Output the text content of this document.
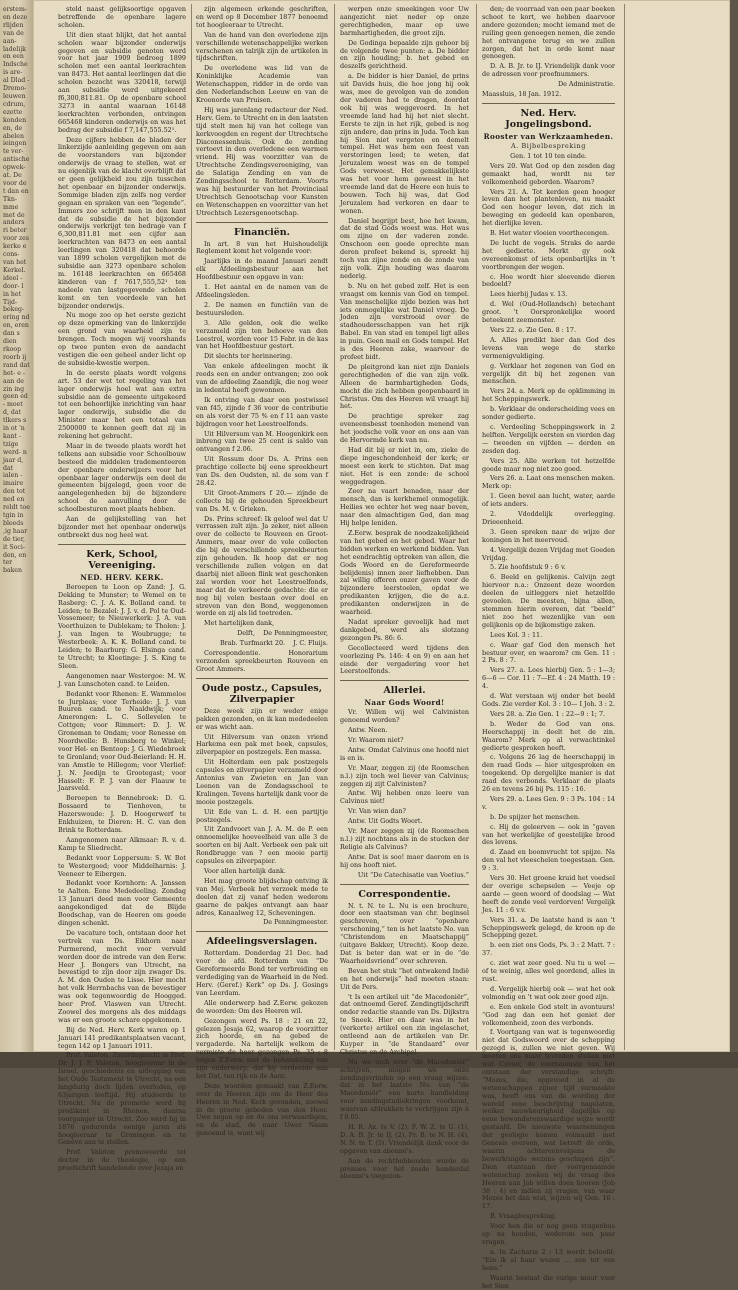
erstem- en deze rlijden van de aan- ladelijk en een Indsche is are- al Dlad -Dremo- leuwen cdrum, ezette konden en, de abelen ieingen te ver- antische opwek- at. De voor de t dan en Tkn- mme met de anders ri beter voor zes kerke e cons- van het Kerkel. ideel - door- l in het Tijd- bekeg- ering nd en, eren dan s dien rkoop roorb ij rand dat het- e - aan de zin ing geen ed - moet d, dat tlkers s in ot 'n kant - tzige werd- n jaar d, dat ialen - imaire den tot ned en reldt toe tgin in bleeds ,ig haar de tier, it Soci- den, en ter baken

steld naast gelijksoortige opgaven betreffende de openbare lagere scholen.

Uit dien staat blijkt, dat het aantal scholen waar bijzonder onderwijs gegeven en subsidie genoten werd voor het jaar 1909 bedroeg 1899 scholen met een aantal leerkrachten van 8473. Het aantal leerlingen dat die scholen bezocht was 320418, terwijl aan subsidie werd uitgekeerd f6,300,811.81. Op de openbare school 3273 in aantal waaraan 16148 leerkrachten verbonden, ontvingen 665468 kinderen onderwijs en was het bedrag der subsidie f 7,147,555.52¹.

Deze cijfers hebben de bladen der linkerzijde aanleiding gegeven om aan de voorstanders van bijzonder onderwijs de vraag te stellen, wat er nu eigenlijk van de klacht overblijft dat er geen gelijkheid zou zijn tusschen het openbaar en bijzonder onderwijs. Sommige bladen zijn zelfs nog verder gegaan en spraken van een “legende”. Immers zoo schrijft men in den kant dat de subsidie de het bijzonder onderwijs verkrijgt ten bedrage van f 6,300,811.81 met een cijfer aan leerkrachten van 8473 en een aantal leerlingen van 320418 dat behoorde van 1899 scholen vergelijken met de subsidie aan 3273 openbare scholen m. 16148 leerkrachten en 665468 kinderen van f 7617,555,52¹ ten nadeele van lastgegevende scholen komt en ten voordeele van het bijzonder onderwijs.

Nu moge zoo op het eerste gezicht op deze opmerking van de linkerzijde een grond van waarheid zijn te brengen. Toch mogen wij voorshands op twee punten even de aandacht vestigen die een geheel ander licht op de subsidie-kwestie werpen.

In de eerste plaats wordt volgens art. 53 der wet tot regeling van het lager onderwijs hoel wat aan extra subsidie aan de gemeente uitgekeerd tot een behoorlijke inrichting van haar lager onderwijs, subsidie die de Minister maar het een totaal van 2500000 te kennen geeft dat zij in rekening het gebracht.

Maar in de tweede plaats wordt het telkens aan subsidie voor Schoolbouw besteed die middelen tradementeeren der openbare onderwijzers voor het openbaar lager onderwijs een deel de gemeenten bijgelegd, geen voor de aangelegenheden bij de bijzondere school de aanvulling door de schoolbesturen moet plaats hebben.

Aan de gelijkstelling van het bijzonder met het openbaar onderwijs ontbreekt dus nog heel wat.

Kerk, School, Vereeniging.
NED. HERV. KERK.

Beroepen te Loon op Zand: J. G. Dekking te Munster; te Wemel en te Rasberg: C. J. A. K. Bolland cand. te Leiden; te Bezalel: J. J. v. d. Pol te Oud-Vossemeer; te Nieuwerkerk: J. A. van Voorthuizen te Dublekam; te Tholen: J. J. van Ingen te Woubrugge; te Westerbeek: A. K. K. Bolland cand. te Leiden; te Baarburg: G. Elsinga cand. te Utrecht; te Kloetinge: J. S. King te Sleen.

Aangenomen naar Westergoe: M. W. J. van Lunschoten cand. te Leiden.

Bedankt voor Rhenen: E. Wammeloe te Jurplaas; voor Terheide: J. J. van Buuren cand. te Naaldwijk; voor Amerongen: L. C. Sollevelen te Cottgen; voor Rimmert: D. J. W. Groneman te Ondam; voor Renesse en Noordwelle: B. Hunsberg te Winkel; voor Hel- en Bentoop: J. G. Wiedebroek te Gronland; voor Oud-Beierland: H. H. van Amstle te Hillegom; voor Vlerlief: J. N. Jeedijn te Grootegast; voor Hasselt: F. P. J. van der Flaauw te Jaarsveld.

Beroepen te Bennebroek: D. G. Bossaerd te Tienhoven, te Hazerswoude: J. D. Hoogerwerf te Enkhuizen, te Dieren: H. C. van den Brink te Rotterdam.

Aangenomen naar Alkmaar: R. v. d. Kamp te Sliedrecht.

Bedankt voor Loppersum: S. W. Bot te Westergoed; voor Middelharnis: J. Veeneer te Eibergen.

Bedankt voor Kornhorn: A. Janssen te Aalten. Eene Mededeeling. Zondag 13 Januari deed men voor Gemeente aangekondiged dat de Blijde Boodschap, van de Heeren om goede dingen schenkt.

De vacature toch, ontstaan door het vertrek van Ds. Eikhorn naar Purmerend, mocht voor vervuld worden door de intrede van den Eerw. Heer J. Bongers van Utrecht, na bevestigd te zijn door zijn zwager Ds. A. M. den Ouden te Lisse. Hier mocht het volk Herrnbachs van de bevestiger was ook tegenwoordig de Hoogged. heer Prof. Vlaswen van Utrecht. Zoowel des morgens als des middags was er een groote schare opgekomen.

Bij de Ned. Herv. Kerk waren op 1 Januari 141 predikantsplaatsen vacant, tegen 142 op 1 Januari 1911.

Prof. Valeton. Zaterdagnacht is Prof. Dr. J. J. P. Valeton, hoogleeraar in de Israel. geschiedenis en uitlegging van het Oude Testament te Utrecht, na een langdurig doch lijden overleden, op 63jarigen leeftijd. Hij studeerde te Utrecht. Na de promotie werd hij predikant in Rhenen, daarna voorganger in Utrecht. Zoo werd hij in 1876 gedurende eenige jaren als hoogleeraar te Groningen en te Genève aan te stellen.

Prof. Valeton promoveerde tot doctor in de theologie, op een proefschrift handelende over Jezaja en

zijn algemeen erkende geschriften, en werd op 8 December 1877 benoemd tot hoogleeraar te Utrecht.

Van de hand van den overledene zijn verschillende wetenschappelijke werken verschenen en talrijk zijn de artikelen in tijdschriften.

De overledene was lid van de Koninklijke Academie van Wetenschappen, ridder in de orde van den Nederlandschen Leeuw en van de Kroonorde van Pruisen.

Hij was jarenlang redacteur der Ned. Herv. Gem. te Utrecht en in den laatsten tijd stelt men hij van het college van kerkvoogden en regent der Utrechtsche Diaconessenhuis. Ook de zending vertoevt in den overledene een warmen vriend. Hij was voorzitter van de Utrechtsche Zendingsvereeniging, van de Salatiga Zending en van de Zendingsschool te Rotterdam. Voorts was hij bestuurder van het Provinciaal Utrechtsch Genootschap voor Kunsten en Wetenschappen en voorzitter van het Utrechtsch Lezersgenootschap.

Financiën.

In art. 8 van het Huishoudelijk Reglement komt het volgende voor:

Jaarlijks in de maand Januari zendt elk Afdeelingsbestuur aan het Hoofdbestuur een opgave in van:

1. Het aantal en de namen van de Afdeelingsleden.

2. De namen en functiën van de bestuursleden.

3. Alle gelden, ook die welke verzameld zijn ten behoeve van den Leestrol, worden voor 15 Febr. in de kas van het Hoofdbestuur gestort.

Dit slechts ter herinnering.

Van enkele afdeelingen mocht ik reeds een en ander ontvangen; zoo ook van de afdeeling Zaandijk, die nog weer in ledental heeft gewonnen.

Ik ontving van daar een postwissel van f45, zijnde f 36 voor de contributie en als vorst der 75 % en f 11 aan vaste bijdragen voor het Leestroelfonds.

Uit Hilversum van M. Hoogenkirk een inbreng van twee 25 cent is saldo van ontvangen f 2.06.

Uit Rossum door Ds. A. Prins een prachtige collecte bij eene spreekbeurt van Ds. den Oudsten, nl. de som van f 28.42.

Uit Groot-Ammers f 20.— zijnde de collecte bij de gehouden Spreekbeurt van Ds. M. v. Grieken.

Ds. Prins schreef: Ik geloof wel dat U verrassen zult zijn. Ja zeker, niet alleen over de collecte te Rouveen en Groot-Ammers, maar over de vele collecten die bij de verschillende spreekbeurten zijn gehouden. Ik hoop dat er nog verschillende zullen volgen en dat daarbij niet alleen flink wat geschonken zal worden voor het Leestroelfonds, maar dat de verkeerde gedachte: die er nog bij velen bestaan over doel en streven van den Bond, weggenomen worde en zij als lid toetreden.

Met hartelijken dank,

Delft, De Penningmeester,
Brab. Turfmarkt 20. J. C. Fluijs.

Correspondentie. Honorarium verzonden spreekbeurten Rouveen en Groot Ammers.

Oude postz., Capsules, Zilverpapier

Deze week zijn er weder enige pakken gezonden, en ik kan mededeelen er was wicht aan.

Uit Hilversum van onzen vriend Harkema een pak met boek, capsules, zilverpapier en postzegels. Een massa.

Uit Holterdam een pak postzegels capsules en zilverpapier verzameld door Antonius van Zwieten en Jan van Leenen van de Zondagsschool te Kralingen. Tevens hartelijk dank voor de mooie postzegels.

Uit Ede van L. d. H. een partijtje postzegels.

Uit Zandvoort van J. A. M. de P. een onnoemelijke hoeveelheid van alle 3 de soorten en bij Aalt. Verbeek een pak uit Rondbrugge van ? een mooie partij capsules en zilverpapier.

Voor allen hartelijk dank.

Het mag groote blijdschap ontving ik van Mej. Verbeek het verzoek mede te deelen dat zij vanaf heden wederom gaarne de pakjes ontvangt aan haar adres, Kanaalweg 12, Scheveningen.

De Penningmeester.
Afdeelingsverslagen.

Rotterdam. Donderdag 21 Dec. had voor de afd. Rotterdam van “De Gereformeerde Bond ter verbreiding en verdediging van de Waarheid in de Ned. Herv. (Geref.) Kerk” op Ds. J. Gosings van Leerdam.

Alle onderwerp had Z.Eerw. gekozen de woorden: Om des Heeren wil.

Gezongen werd Ps. 18 : 21 en 22, gelezen Jesaja 62, waarop de voorzitter zich hoorde, en na gebed de vergaderde. Na hartelijk welkom de vermiste de heer gezongen Ps. 35 : 8 begon Z.Eerw. met de behandeling van zijn onderwerp, dat hij verdeelde aan het Dat, ten rijk en de Aanr.

Deze woorden gemaakt van Z.Eerw. over de Heeren zijn om de Heer des Heeren in Ned. Kerk gevonden, zoowel in de groote gebeden van den Heer. Uwe zegen op en de ons verwaardigen, en de stad, de naar Uwer Naam genoemd is, want wij

werpen onze smeekingen voor Uw aangezicht niet neder op onze gerechtigheden, maar op uwe barmhartigheden, die groot zijn.

De Godinga bepaalde zijn gehoor bij de volgende twee punten: a. De bidder en zijn houding; b. het gebed en deszelfs gerichtheid.

a. De bidder is hier Daniel, de prins uit Davids huis, die hoe jong hij ook was, mee de gevolgen van de zonden der vaderen had te dragen, doordat ook hij was weggevoerd. In het vreemde land had hij het niet slecht. Eerste te zijn in het rijk, gebed is nog zijn andere, dan prins in Juda. Toch kan hij Sion niet vergeten en demelt tempel. Het was hem een feest van verstoringen leed; te weten, dat Jeruzalem woest was en de tempel Gods verwoest. Het gemakkelijkste was het voor hem geweest in het vreemde land dat de Heere een huis te bouwen. Toch hij was, dat God Jeruzalem had verkoren en daar te wonen.

Daniel begrijpt best, hoe het kwam, dat de stad Gods woest was. Het was om zijne en der vaderen zonde. Onschoon een goede oprechte man deren profeet bekend is, spreekt hij toch van zijne zonde en de zonde van zijn volk. Zijn houding was daarom nederig.

b. Nu en het gebed zelf. Het is een vraagst om kennis van God en tempel. Van menschelijke zijde bezien was het iets onmogelijke wat Daniel vroeg. De Joden zijn verstrooid over de stadhoudersschappen van het rijk Babel. En van stad en tempel ligt alles in puin. Geen mail en Gods tempel. Het is des Heeren zake, waarvoor de profeet bidt.

De pleitgrond kan niet zijn Daniels gerechtigheden of die van zijn volk. Alleen de barmhartigheden Gods, mocht die zich hebben geopenbaard in Christus. Om des Heeren wil vraagt hij het.

De prachtige spreker zag eveneensbesst toenhoden menend van het joodsche volk voor en ons aan van de Hervormde kerk van nu.

Had dit bij er niet in, om, zieke de diepe ingeschondenheid der kerk; er moest een kerk te stichten. Dat mag niet. Het is een zonde: de school weggedragen.

Zeer na vaart benaden, naar der mensch, dan is kerkhemel onmogelijk. Heilies we echter het weg naar boven, naar den almachtigen God, dan mag Hij helpe leniden.

Z.Eerw. besprak de noodzakelijkheid van het gebed en het gebed. Waar het bidden werken en werkend bidden. Van het eendrachtig optreken van allen, die Gods Woord en de Gereformeerde belijdenis) innen zeer liefhebben. Dan zal willig offeren onzer gaven voor de bijzondere leerstoelen, opdat we predikanten krijgen, die de a.z. predikanten onderwijzen in de waarheid.

Nadat spreker gevoelijk had met dankgebed, werd als slotzang gezongen Ps. 86: 6.

Gecollecteerd werd tijdens den voorlezing Ps. 146: 4 en 9) en aan het einde der vergadering voor het Leerstoelfonds.

Allerlei.
Naar Gods Woord!

Vr. Willen wij wel Calvinisten genoemd worden?

Antw. Neen.

Vr. Waarom niet?

Antw. Omdat Calvinus one hoofd niet is en is.

Vr. Maar, zeggen zij (de Roomschen n.l.) zijn toch wel liever van Calvinus; zeggen zij zijt Calvinisten?

Antw. Wij hebben onze leere van Calvinus niet!

Vr. Van wien dan?

Antw. Uit Godts Woort.

Vr. Maer zeggen zij (de Roomschen n.l.) zijt nochtans als in de stucken der Religie als Calvinus?

Antw. Dat is soo! maer daerom en is hij ons hooft niet.

Uit “De Catechisatie van Voetius.”
Correspondentie.

N. t. N. te L. Nu is een brochure, door een staatsman van chr. beginsel geschreven, over “openbare verschoning,” ten is het laatste No. van “Christendom en Maatschappij” (uitgave Bakker, Utrecht). Koop deze. Dat is beter dan wat er in de “de Waarheidsvriend” over schreven.

Bevan het stuk “het ontwakend Indië en het onderwijs” had moeten staan: Uit de Pers.

't Is een artikel uit “de Macedoniër”, dat ontnoemd Geref. Zendingtijdschrift onder redactie staande van Ds. Dijkstra te Sneek. Hier en daar was in het (verkorte) artikel een zin ingelaschet, ontleend aan de artikelen van Dr. Kuyper in “de Standaard” over Christus en de Archipel.

Nu we toch over “de Macedoniër” schrijven, mogen we onze zendingsvrinden op een vraag wijzen: dat in het laatste No. van “de Macedoniër” een korte handleiding voor zendingstudiekringen voorkomt, waarvan afdrukken te verkrijgen zijn à f 0.05.

H. R. Ax. te V. (2), F. W. Z. te U. (1), D. A. B. Jr. te IJ. (2), Fr. B. te N. H. (4), N. N. te T. (5). Vriendelijk dank voor de opgaven van abonné's.

Aan de rechthebbenden worde de premies voor het zesde honderdal abonné's toegezon-

den; de voorraad van een paar boeken schoot te kort, we hebben daarvoor andere gezonden; mocht iemand met de ruiling geen genoegen nemen, die zende het ontvangene terug en we zullen zorgen, dat het in orde komt naar genoegen.

D. A. B. Jr. te IJ. Vriendelijk dank voor de adressen voor proefnummers.

De Administratie.

Maassluis, 18 Jan. 1912.

Ned. Herv. Jongelingsbond.
Rooster van Werkzaamheden.

A. Bijbelbespreking

Gen. 1 tot 10 ten einde.

Vers 20. Wat God op den zesden dag gemaakt had, wordt nu ter volkomenheid geborden. Waarom?

Vers 21. A. Tot kerden geen hooger leven dan het plantenleven, nu maakt God een hooger leven, dat zich in beweging en gedeeld kan openbaren, het dierlijke leven.

B. Het water vloeien voorthecengen.

De lucht de vogels. Straks de aarde het gedierte. Merkt gy ook overeenkomst of iets openbarlijks in 't voortbrengen der wegen.

c. Hoe wordt hier sleevende dieren bedoeld?

Lees hierbij Judas v. 13.

d. Wel (Oud-Hollandsch) betechant groot. 't Oorspronkelijke woord beteekent zeemonster.

Vers 22. e. Zie Gen. 8 : 17.

A. Alles predikt hier dan God des levens van wege de sterke vermenigvuldiging.

g. Verklaar het zegenen van God en vergelijk dit bij het zegenen van menschen.

Vers 24. a. Merk op de opklimming in het Scheppingswerk.

b. Verklaar de onderscheiding vees en sonder gedierte.

c. Verdeeling Scheppingswerk in 2 helften. Vergelijk eersten en vierden dag — tweeden en vijfden — derden en zesden dag.

Vers 25. Alle werken tot hetzelfde goede maar nog niet zoo goed.

Vers 26. a. Laat ons menschen maken. Merk op:

1. Geen bevel aan lucht, water, aarde of iets anders.

2. Vdoddelijk overlegging. Drieeenheid.

3. Geen spreken naar de wijze der koningen in het meervoud.

4. Vergelijk dezen Vrijdag met Goeden Vrijdag.

5. Zie hoofdstuk 9 : 6 v.

6. Beeld en gelijkenis. Calvijn zegt hiervoor n.a.: Onzeent deze woorden deelen de uitleggers niet hetzelfde gevoelen. De meesten, bijna allen, stemmen hierin overeen, dat “beeld” niet zoo het wezenlijke van een gelijkenis op de bijkomstige zaken.

Lees Kol. 3 : 11.

c. Waar gaf God den mensch het bestuur over, en waarom? cm Gen. 11 : 2 Ps. 8 : 7.

Vers 27. a. Lees hierbij Gen. 5 : 1—3; 6—6 — Cor. 11 : 7—Ef. 4 : 24 Matth. 19 : 4.

d. Wat verstaan wij onder het beeld Gods. Zie verder Kol. 3 : 10— I Joh. 3 : 2.

Vers 28. a. Zie Gen. 1 : 22—9 : 1; 7.

b. Weder de God van ons. Heerschappij in deelt het de zin. Waarom? Merk op al verwachtinkel gedierte gesproken heeft.

c. Volgens 26 lag de heerschappij in den raad Gods — hier uitgesproken en toegekend. Op dergelijke manier is dat raad des verbonds. Verklaar de plaats 26 en tevens 26 bij Ps. 115 : 16.

Vers 29. a. Lees Gen. 9 : 3 Ps. 104 : 14 v.

b. De spijzer het menschen.

c. Hij de geleerven — ook in “gaven van het werkelijke of geestelijke brood des levens.

d. Zaad en boomvrucht tot spijze. Na den val het vleeschelen toegestaan. Gen. 9 : 3.

Vers 30. Het groene kruid het voedsel der overige schepselen — Veeje op aarde — geen woord of doodslag — Wat heeft de zonde veel verdorven! Vergelijk Jes. 11 : 6 v.v.

Vers 31. a. De laatste hand is aan 't Scheppingswerk gelegd, de kroon op de Schepping gezet.

b. een ziet ons Gods, Ps. 3 : 2 Matt. 7 : 37.

c. ziet wat zeer goed. Nu tu u wel — of te weinig, alles wel geordend, alles in rust.

d. Vergelijk hierbij ook — wat het ook volmondig en 't wat ook zeer goed zijn.

e. Een enkele God stelt in avontuurs! “God zag dan een het geniet der volkomenheid, zoon des verbonds.

f. Voortgang van wat is tegenwoordig niet dat Godswoord over de schepping gezegd is, zullen we niet geven. Wij moeten ons maar tevreden stellen met wat Cuvier, de voornaamste van het ontstaan der verstandige schrijft: “Mozes, die, opgevoed in al de wetenschappen zijner tijd vermaakte was, heeft ons van de wording der wereld eene beschrijving nagelaten, welker nauwkeurigheid dagelijks op eene bewonderenswaardige wijze wordt gestaafd. De nieuwste waarnemingen der geologie komen volmaakt met Genesis overeen, wat betreft de orde, waarin achtereenvolgens de bewerktuigde wezens geschapen zijn”. Dien stantaan der voorgenaamde wetenschap zoeken wij de vraag des Heeren aan Job willen doen hooren (Job 38 : 4) en indien zij vragen, van waar Mozes het dan wist, wijzen wij Gen. 16 : 17.

B. Vraagbespreking.

Voor hen die er nog geen vragenbus op na houden, wederom een paar vragen.

a. In Zacharia 2 : 13 wordt beloofd: “Ein ik al haar wezen … zen tot ven hens.”

Waarin bestaat die vurige muur voor het Sion
